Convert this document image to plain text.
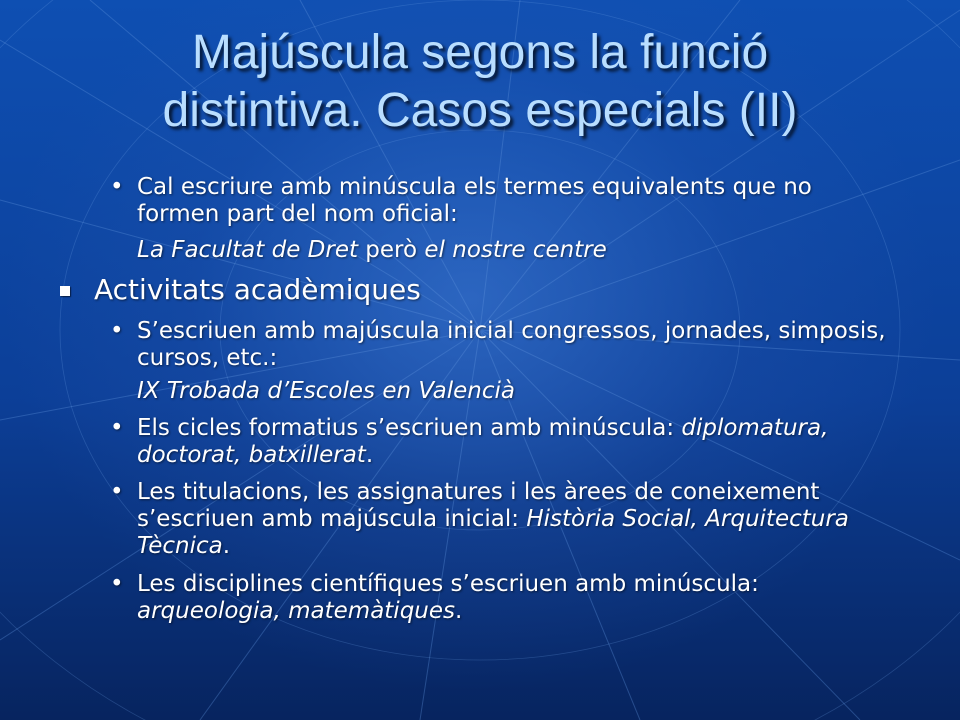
Majúscula segons la funció
distintiva. Casos especials (II)
• Cal escriure amb minúscula els termes equivalents que no formen part del nom oficial:
La Facultat de Dret però el nostre centre
Activitats acadèmiques
• S’escriuen amb majúscula inicial congressos, jornades, simposis, cursos, etc.:
IX Trobada d’Escoles en Valencià
• Els cicles formatius s’escriuen amb minúscula: diplomatura, doctorat, batxillerat.
• Les titulacions, les assignatures i les àrees de coneixement s’escriuen amb majúscula inicial: Història Social, Arquitectura Tècnica.
• Les disciplines científiques s’escriuen amb minúscula: arqueologia, matemàtiques.
